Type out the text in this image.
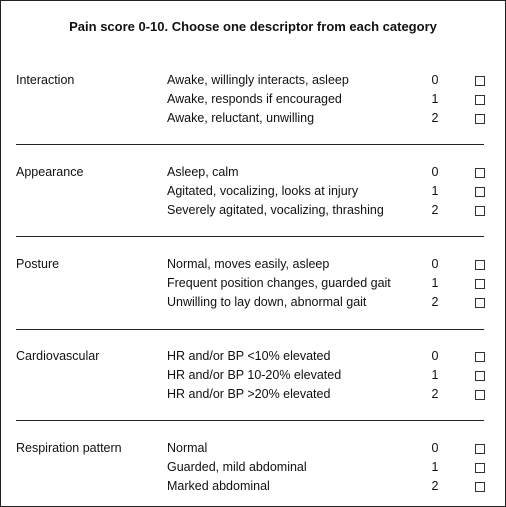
Pain score 0-10. Choose one descriptor from each category
Interaction	Awake, willingly interacts, asleep	0
Awake, responds if encouraged	1
Awake, reluctant, unwilling	2
Appearance	Asleep, calm	0
Agitated, vocalizing, looks at injury	1
Severely agitated, vocalizing, thrashing	2
Posture	Normal, moves easily, asleep	0
Frequent position changes, guarded gait	1
Unwilling to lay down, abnormal gait	2
Cardiovascular	HR and/or BP <10% elevated	0
HR and/or BP 10-20% elevated	1
HR and/or BP >20% elevated	2
Respiration pattern	Normal	0
Guarded, mild abdominal	1
Marked abdominal	2
